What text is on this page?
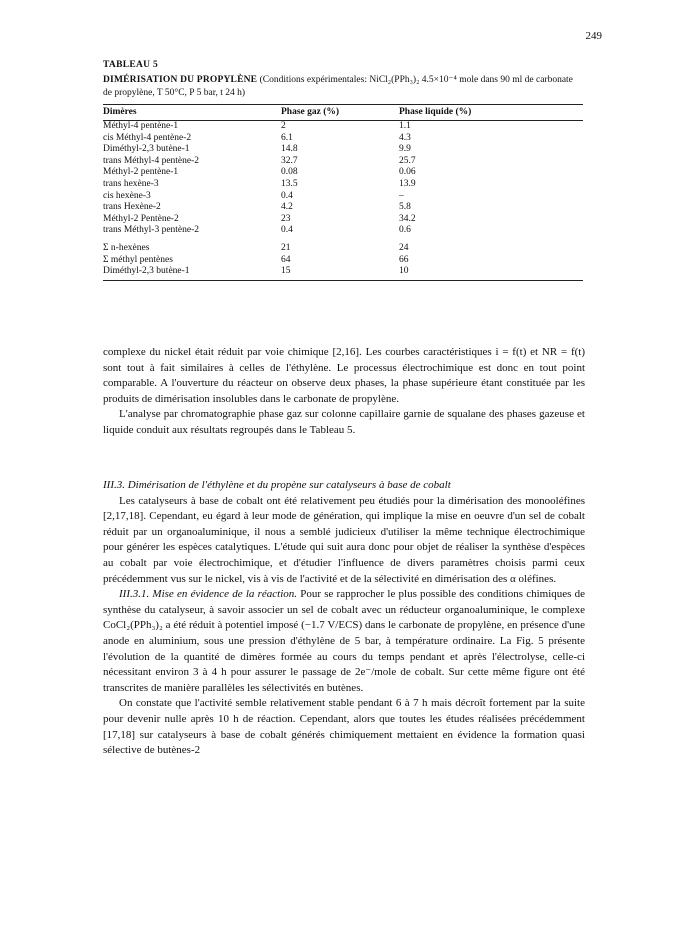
249
TABLEAU 5
DIMÉRISATION DU PROPYLÈNE (Conditions expérimentales: NiCl₂(PPh₃)₂ 4.5×10⁻⁴ mole dans 90 ml de carbonate de propylène, T 50°C, P 5 bar, t 24 h)
Dimères	Phase gaz (%)	Phase liquide (%)
Méthyl-4 pentène-1	2	1.1
cis Méthyl-4 pentène-2	6.1	4.3
Diméthyl-2,3 butène-1	14.8	9.9
trans Méthyl-4 pentène-2	32.7	25.7
Méthyl-2 pentène-1	0.08	0.06
trans hexène-3	13.5	13.9
cis hexène-3	0.4	–
trans Hexène-2	4.2	5.8
Méthyl-2 Pentène-2	23	34.2
trans Méthyl-3 pentène-2	0.4	0.6
Σ n-hexènes	21	24
Σ méthyl pentènes	64	66
Diméthyl-2,3 butène-1	15	10

complexe du nickel était réduit par voie chimique [2,16]. Les courbes caractéristiques i = f(t) et NR = f(t) sont tout à fait similaires à celles de l'éthylène. Le processus électrochimique est donc en tout point comparable. A l'ouverture du réacteur on observe deux phases, la phase supérieure étant constituée par les produits de dimérisation insolubles dans le carbonate de propylène.

L'analyse par chromatographie phase gaz sur colonne capillaire garnie de squalane des phases gazeuse et liquide conduit aux résultats regroupés dans le Tableau 5.

III.3. Dimérisation de l'éthylène et du propène sur catalyseurs à base de cobalt

Les catalyseurs à base de cobalt ont été relativement peu étudiés pour la dimérisation des monooléfines [2,17,18]. Cependant, eu égard à leur mode de génération, qui implique la mise en oeuvre d'un sel de cobalt réduit par un organoaluminique, il nous a semblé judicieux d'utiliser la même technique électrochimique pour générer les espèces catalytiques. L'étude qui suit aura donc pour objet de réaliser la synthèse d'espèces au cobalt par voie électrochimique, et d'étudier l'influence de divers paramètres choisis parmi ceux précédemment vus sur le nickel, vis à vis de l'activité et de la sélectivité en dimérisation des α oléfines.

III.3.1. Mise en évidence de la réaction. Pour se rapprocher le plus possible des conditions chimiques de synthèse du catalyseur, à savoir associer un sel de cobalt avec un réducteur organoaluminique, le complexe CoCl₂(PPh₃)₂ a été réduit à potentiel imposé (−1.7 V/ECS) dans le carbonate de propylène, en présence d'une anode en aluminium, sous une pression d'éthylène de 5 bar, à température ordinaire. La Fig. 5 présente l'évolution de la quantité de dimères formée au cours du temps pendant et après l'électrolyse, celle-ci nécessitant environ 3 à 4 h pour assurer le passage de 2e⁻/mole de cobalt. Sur cette même figure ont été transcrites de manière parallèles les sélectivités en butènes.

On constate que l'activité semble relativement stable pendant 6 à 7 h mais décroît fortement par la suite pour devenir nulle après 10 h de réaction. Cependant, alors que toutes les études réalisées précédemment [17,18] sur catalyseurs à base de cobalt générés chimiquement mettaient en évidence la formation quasi sélective de butènes-2
